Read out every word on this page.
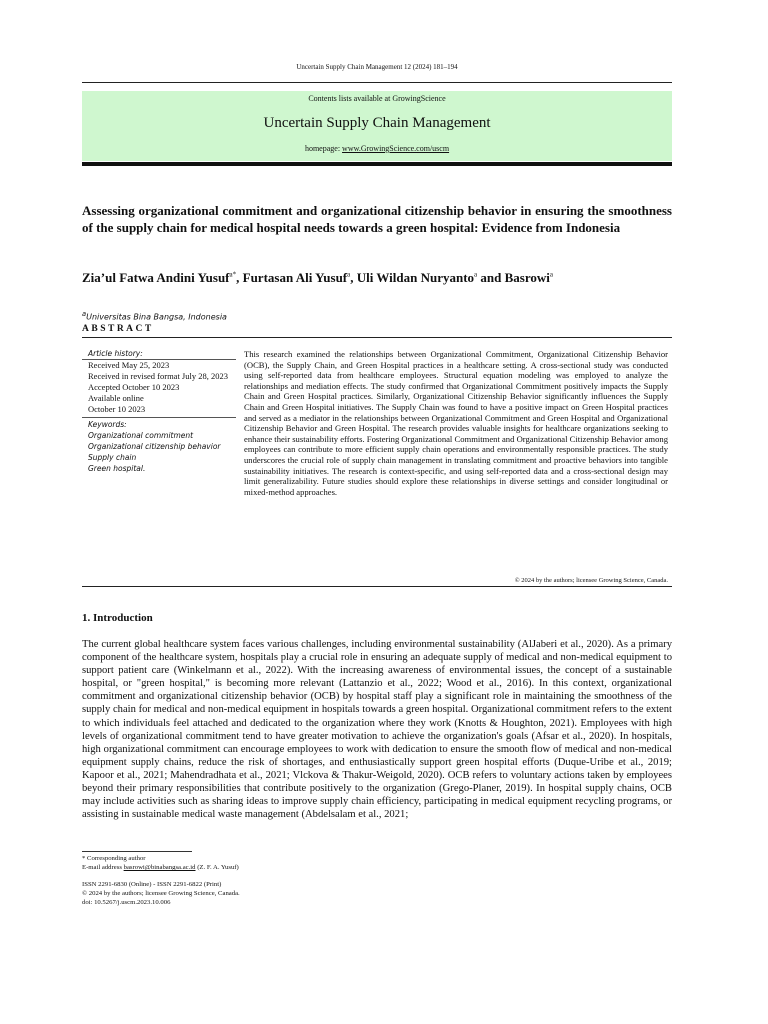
Uncertain Supply Chain Management 12 (2024) 181–194
Contents lists available at GrowingScience
Uncertain Supply Chain Management
homepage: www.GrowingScience.com/uscm
Assessing organizational commitment and organizational citizenship behavior in ensuring the smoothness of the supply chain for medical hospital needs towards a green hospital: Evidence from Indonesia
Zia’ul Fatwa Andini Yusuf$^{a*}$, Furtasan Ali Yusuf$^a$, Uli Wildan Nuryanto$^a$ and Basrowi$^a$
$^a$Universitas Bina Bangsa, Indonesia
ABSTRACT
Article history:
Received May 25, 2023
Received in revised format July 28, 2023
Accepted October 10 2023
Available online
October 10 2023
Keywords:
Organizational commitment
Organizational citizenship behavior
Supply chain
Green hospital.

This research examined the relationships between Organizational Commitment, Organizational Citizenship Behavior (OCB), the Supply Chain, and Green Hospital practices in a healthcare setting. A cross-sectional study was conducted using self-reported data from healthcare employees. Structural equation modeling was employed to analyze the relationships and mediation effects. The study confirmed that Organizational Commitment positively impacts the Supply Chain and Green Hospital practices. Similarly, Organizational Citizenship Behavior significantly influences the Supply Chain and Green Hospital initiatives. The Supply Chain was found to have a positive impact on Green Hospital practices and served as a mediator in the relationships between Organizational Commitment and Green Hospital and Organizational Citizenship Behavior and Green Hospital. The research provides valuable insights for healthcare organizations seeking to enhance their sustainability efforts. Fostering Organizational Commitment and Organizational Citizenship Behavior among employees can contribute to more efficient supply chain operations and environmentally responsible practices. The study underscores the crucial role of supply chain management in translating commitment and proactive behaviors into tangible sustainability initiatives. The research is context-specific, and using self-reported data and a cross-sectional design may limit generalizability. Future studies should explore these relationships in diverse settings and consider longitudinal or mixed-method approaches.

© 2024 by the authors; licensee Growing Science, Canada.
1. Introduction

The current global healthcare system faces various challenges, including environmental sustainability (AlJaberi et al., 2020). As a primary component of the healthcare system, hospitals play a crucial role in ensuring an adequate supply of medical and non-medical equipment to support patient care (Winkelmann et al., 2022). With the increasing awareness of environmental issues, the concept of a sustainable hospital, or "green hospital," is becoming more relevant (Lattanzio et al., 2022; Wood et al., 2016). In this context, organizational commitment and organizational citizenship behavior (OCB) by hospital staff play a significant role in maintaining the smoothness of the supply chain for medical and non-medical equipment in hospitals towards a green hospital. Organizational commitment refers to the extent to which individuals feel attached and dedicated to the organization where they work (Knotts & Houghton, 2021). Employees with high levels of organizational commitment tend to have greater motivation to achieve the organization's goals (Afsar et al., 2020). In hospitals, high organizational commitment can encourage employees to work with dedication to ensure the smooth flow of medical and non-medical equipment supply chains, reduce the risk of shortages, and enthusiastically support green hospital efforts (Duque-Uribe et al., 2019; Kapoor et al., 2021; Mahendradhata et al., 2021; Vlckova & Thakur-Weigold, 2020). OCB refers to voluntary actions taken by employees beyond their primary responsibilities that contribute positively to the organization (Grego-Planer, 2019). In hospital supply chains, OCB may include activities such as sharing ideas to improve supply chain efficiency, participating in medical equipment recycling programs, or assisting in sustainable medical waste management (Abdelsalam et al., 2021;

* Corresponding author
E-mail address basrowi@binabangsa.ac.id (Z. F. A. Yusuf)
ISSN 2291-6830 (Online) - ISSN 2291-6822 (Print)
© 2024 by the authors; licensee Growing Science, Canada.
doi: 10.5267/j.uscm.2023.10.006
